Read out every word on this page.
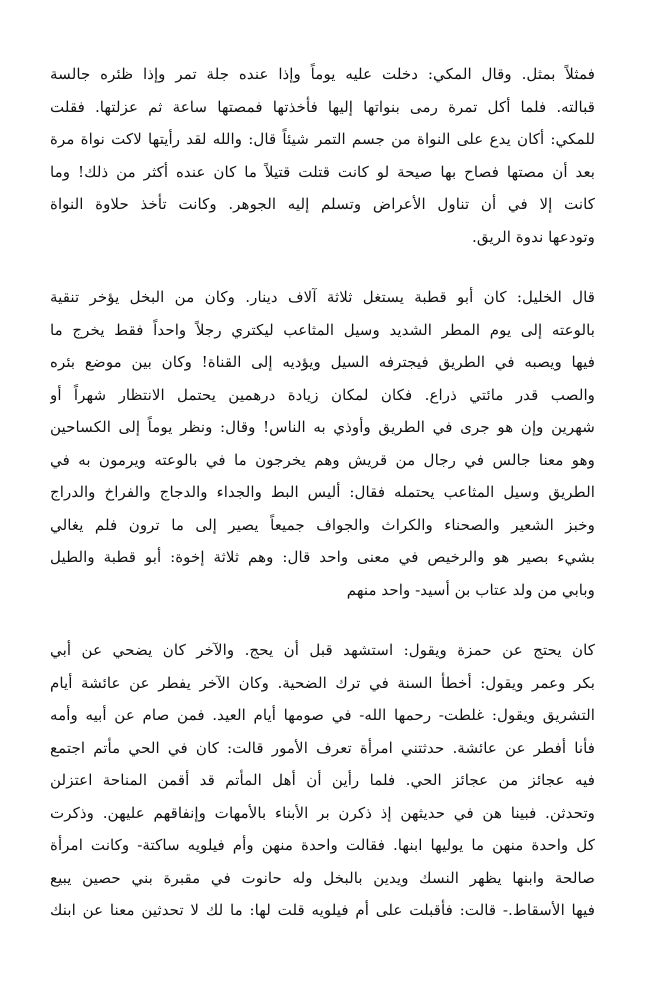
فمثلاً بمثل. وقال المكي: دخلت عليه يوماً وإذا عنده جلة تمر وإذا ظئره جالسة
قبالته. فلما أكل تمرة رمى بنواتها إليها فأخذتها فمصتها ساعة ثم عزلتها. فقلت
للمكي: أكان يدع على النواة من جسم التمر شيئاً قال: والله لقد رأيتها لاكت نواة مرة
بعد أن مصتها فصاح بها صيحة لو كانت قتلت قتيلاً ما كان عنده أكثر من ذلك! وما
كانت إلا في أن تناول الأعراض وتسلم إليه الجوهر. وكانت تأخذ حلاوة النواة
وتودعها ندوة الريق.
قال الخليل: كان أبو قطبة يستغل ثلاثة آلاف دينار. وكان من البخل يؤخر تنقية
بالوعته إلى يوم المطر الشديد وسيل المثاعب ليكتري رجلاً واحداً فقط يخرج ما
فيها ويصبه في الطريق فيجترفه السيل ويؤديه إلى القناة! وكان بين موضع بئره
والصب قدر مائتي ذراع. فكان لمكان زيادة درهمين يحتمل الانتظار شهراً أو
شهرين وإن هو جرى في الطريق وأوذي به الناس! وقال: ونظر يوماً إلى الكساحين
وهو معنا جالس في رجال من قريش وهم يخرجون ما في بالوعته ويرمون به في
الطريق وسيل المثاعب يحتمله فقال: أليس البط والجداء والدجاج والفراخ والدراج
وخبز الشعير والصحناء والكراث والجواف جميعاً يصير إلى ما ترون فلم يغالي
بشيء بصير هو والرخيص في معنى واحد قال: وهم ثلاثة إخوة: أبو قطبة والطيل
وبابي من ولد عتاب بن أسيد- واحد منهم
كان يحتج عن حمزة ويقول: استشهد قبل أن يحج. والآخر كان يضحي عن أبي
بكر وعمر ويقول: أخطأ السنة في ترك الضحية. وكان الآخر يفطر عن عائشة أيام
التشريق ويقول: غلطت- رحمها الله- في صومها أيام العيد. فمن صام عن أبيه وأمه
فأنا أفطر عن عائشة. حدثتني امرأة تعرف الأمور قالت: كان في الحي مأتم اجتمع
فيه عجائز من عجائز الحي. فلما رأين أن أهل المأتم قد أقمن المناحة اعتزلن
وتحدثن. فبينا هن في حديثهن إذ ذكرن بر الأبناء بالأمهات وإنفاقهم عليهن. وذكرت
كل واحدة منهن ما يوليها ابنها. فقالت واحدة منهن وأم فيلويه ساكتة- وكانت امرأة
صالحة وابنها يظهر النسك ويدين بالبخل وله حانوت في مقبرة بني حصين يبيع
فيها الأسقاط.- قالت: فأقبلت على أم فيلويه قلت لها: ما لك لا تحدثين معنا عن ابنك
